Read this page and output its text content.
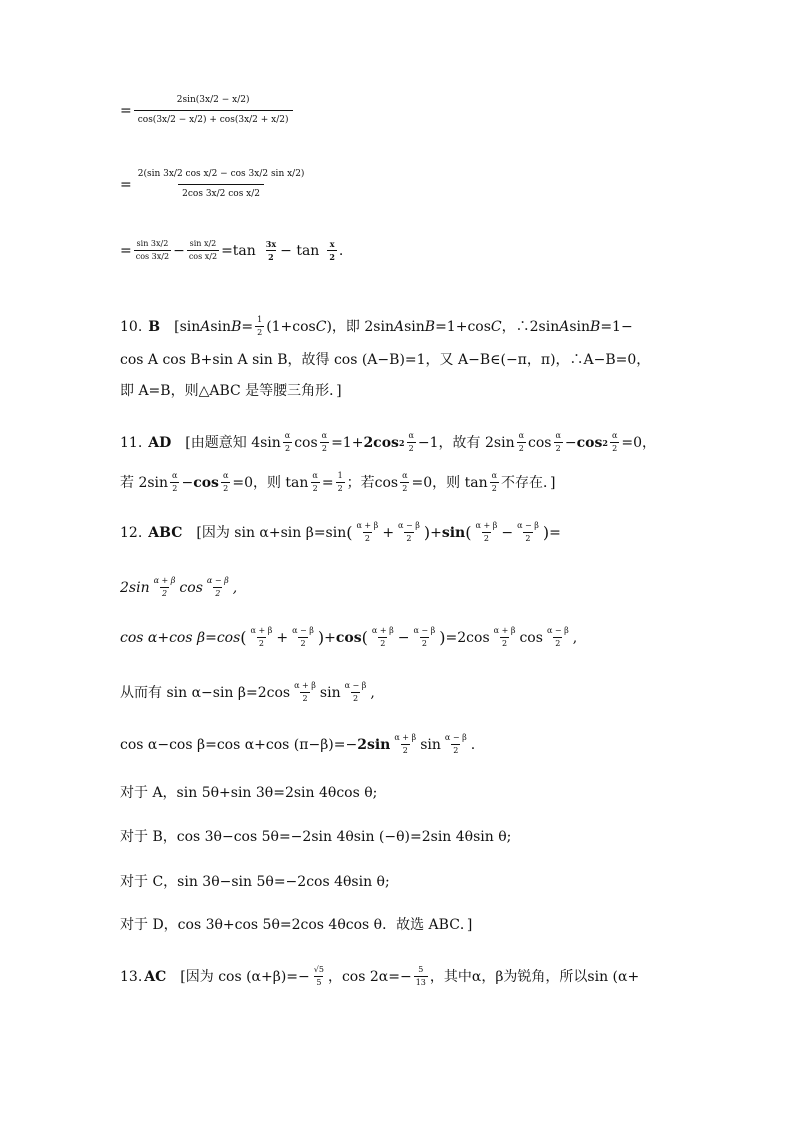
= $\frac{2\sin(3x/2 - x/2)}{\cos(3x/2 - x/2) + \cos(3x/2 + x/2)}$
= $\frac{\text{2(sin 3x/2 cos x/2 − cos 3x/2 sin x/2)}}{\text{2cos 3x/2 cos x/2}}$
= $\frac{\sin 3x/2}{\cos 3x/2} - \frac{\text{sin x/2}}{\text{cos x/2}} =\tan \frac{3x}{2} - \tan \frac{x}{2}$ .
10. B [sin A $\sin B = \frac{1}{2} (1+\cos$ C )，即 2sin A sin B =1+cos C ，∴2sin A sin B =1−
cos A cos B+sin A sin B，故得 cos (A−B)=1，又 A−B∈(−π，π)，∴A−B=0，
即 A=B，则△ABC 是等腰三角形．]
11. AD [由题意知 $4\sin \frac{\alpha}{2}$ $\cos \frac{\alpha}{2} =1+ 2\cos$ $2 \frac{\alpha}{2} -1$，故有 $2\sin \frac{\alpha}{2}$ $\cos \frac{\alpha}{2} - \cos 2 \frac{\alpha}{2} =0$，
若 $2\sin \frac{\alpha}{2} - \cos \frac{\alpha}{2} =0$，则 $\tan \frac{\alpha}{2} = \frac{1}{2}$ ；若$\cos \frac{\alpha}{2} =0$，则 $\tan \frac{\alpha}{2}$ 不存在．]
12. ABC [因为 sin α+sin β=sin ( $\frac{\alpha + \beta}{2} + \frac{\alpha - \beta}{2}$ ) + sin ( $\frac{\alpha + \beta}{2} - \frac{\alpha - \beta}{2}$ ) =
$2\sin \frac{\alpha + \beta}{2}$ $\cos \frac{\alpha - \beta}{2}$ ,
cos α+cos β=cos ( $\frac{\alpha + \beta}{2} + \frac{\alpha - \beta}{2}$ ) + cos ( $\frac{\alpha + \beta}{2} - \frac{\alpha - \beta}{2}$ ) $=2\cos \frac{\alpha + \beta}{2}$ $\cos \frac{\alpha - \beta}{2}$ ,
从而有 sin α−sin $\beta=2\cos \frac{\alpha + \beta}{2}$ $\sin \frac{\alpha - \beta}{2}$ ,
cos α−cos β=cos α+cos $(\pi-\beta)=- 2\sin \frac{\alpha + \beta}{2}$ $\sin \frac{\alpha - \beta}{2}$ .
对于 A，sin 5θ+sin 3θ=2sin 4θcos θ;
对于 B，cos 3θ−cos 5θ=−2sin 4θsin (−θ)=2sin 4θsin θ;
对于 C，sin 3θ−sin 5θ=−2cos 4θsin θ;
对于 D，cos 3θ+cos 5θ=2cos 4θcos θ．故选 ABC．]
13. AC [因为 $\cos (\alpha+\beta)=- \frac{√5}{5}$ ，$\cos 2\alpha=- \frac{5}{13}$ ，其中α，β为锐角，所以sin (α+
